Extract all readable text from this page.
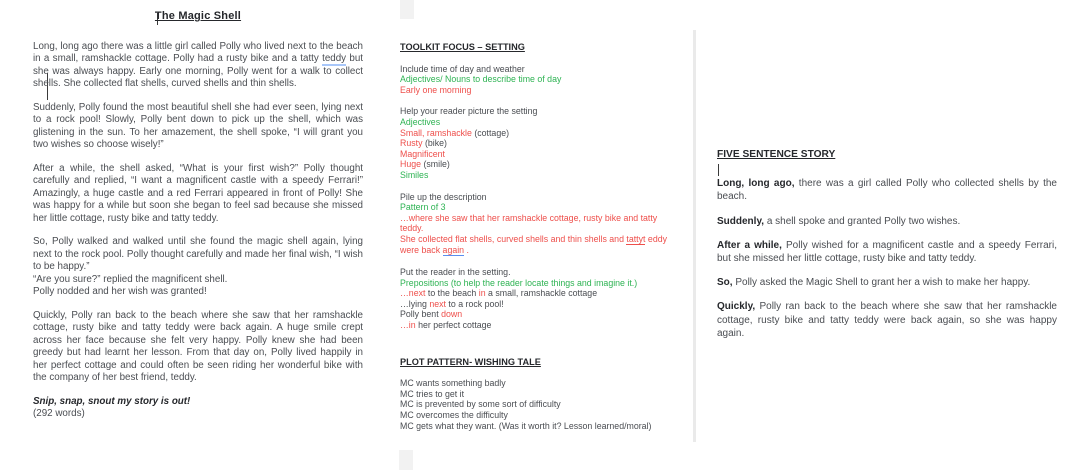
The Magic Shell

Long, long ago there was a little girl called Polly who lived next to the beach in a small, ramshackle cottage. Polly had a rusty bike and a tatty teddy but she was always happy. Early one morning, Polly went for a walk to collect shells. She collected flat shells, curved shells and thin shells.

Suddenly, Polly found the most beautiful shell she had ever seen, lying next to a rock pool! Slowly, Polly bent down to pick up the shell, which was glistening in the sun. To her amazement, the shell spoke, “I will grant you two wishes so choose wisely!”

After a while, the shell asked, “What is your first wish?” Polly thought carefully and replied, “I want a magnificent castle with a speedy Ferrari!” Amazingly, a huge castle and a red Ferrari appeared in front of Polly! She was happy for a while but soon she began to feel sad because she missed her little cottage, rusty bike and tatty teddy.

So, Polly walked and walked until she found the magic shell again, lying next to the rock pool. Polly thought carefully and made her final wish, “I wish to be happy.”
“Are you sure?” replied the magnificent shell.
Polly nodded and her wish was granted!

Quickly, Polly ran back to the beach where she saw that her ramshackle cottage, rusty bike and tatty teddy were back again. A huge smile crept across her face because she felt very happy. Polly knew she had been greedy but had learnt her lesson. From that day on, Polly lived happily in her perfect cottage and could often be seen riding her wonderful bike with the company of her best friend, teddy.

Snip, snap, snout my story is out!

(292 words)

TOOLKIT FOCUS – SETTING
Include time of day and weather
Adjectives/ Nouns to describe time of day
Early one morning
Help your reader picture the setting
Adjectives
Small, ramshackle (cottage)
Rusty (bike)
Magnificent
Huge (smile)
Similes
Pile up the description
Pattern of 3
…where she saw that her ramshackle cottage, rusty bike and tatty teddy.
She collected flat shells, curved shells and thin shells and tattyt eddy were back again .
Put the reader in the setting.
Prepositions (to help the reader locate things and imagine it.)
…next to the beach in a small, ramshackle cottage
…lying next to a rock pool!
Polly bent down
…in her perfect cottage
PLOT PATTERN- WISHING TALE
MC wants something badly
MC tries to get it
MC is prevented by some sort of difficulty
MC overcomes the difficulty
MC gets what they want. (Was it worth it? Lesson learned/moral)
FIVE SENTENCE STORY

Long, long ago, there was a girl called Polly who collected shells by the beach.

Suddenly, a shell spoke and granted Polly two wishes.

After a while, Polly wished for a magnificent castle and a speedy Ferrari, but she missed her little cottage, rusty bike and tatty teddy.

So, Polly asked the Magic Shell to grant her a wish to make her happy.

Quickly, Polly ran back to the beach where she saw that her ramshackle cottage, rusty bike and tatty teddy were back again, so she was happy again.
